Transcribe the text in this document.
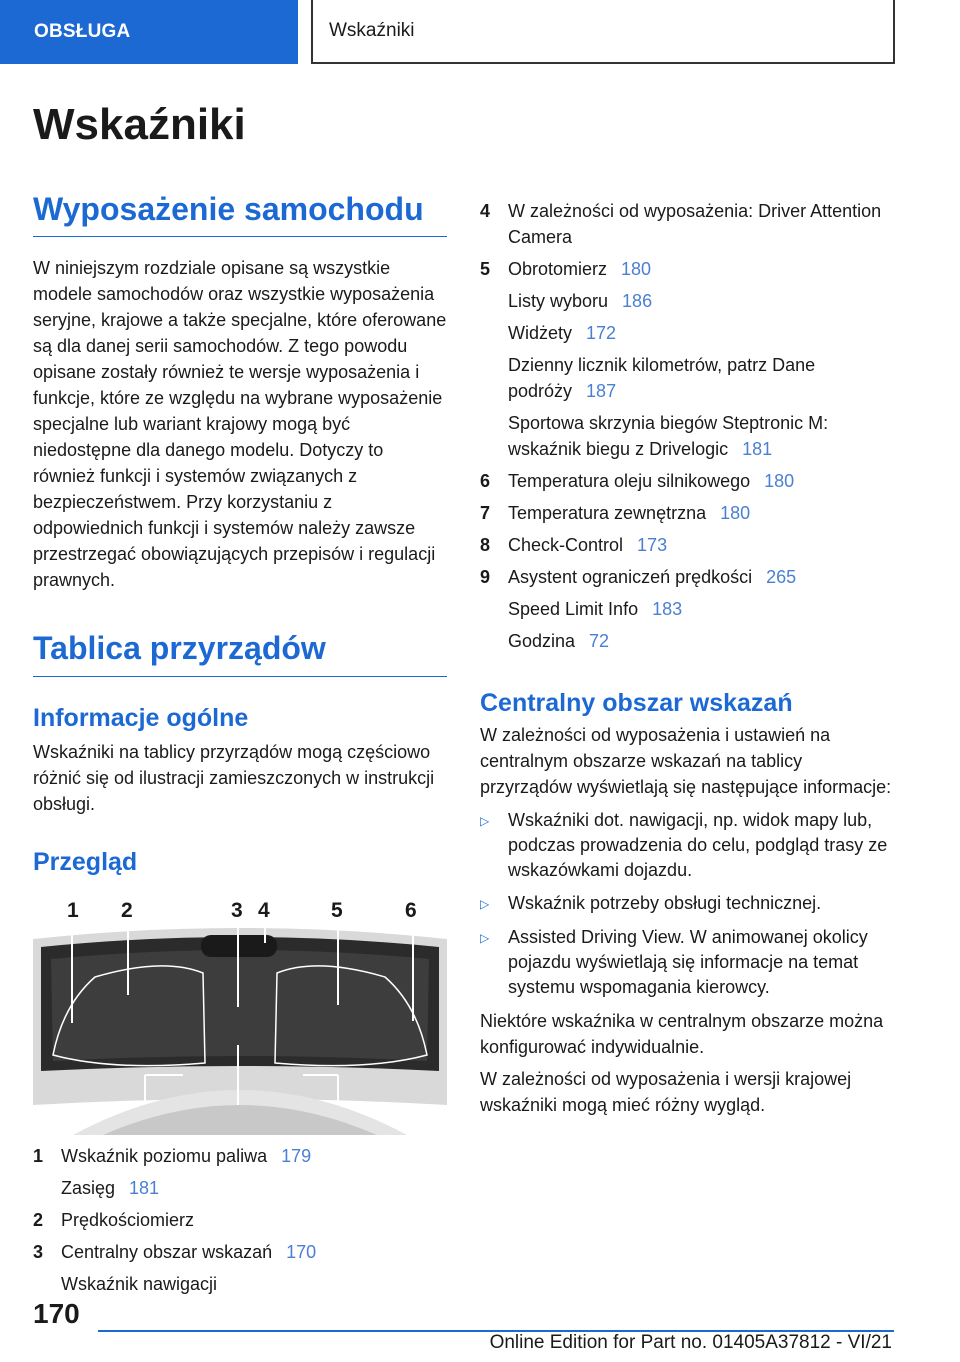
OBSŁUGA	Wskaźniki
Wskaźniki
Wyposażenie samochodu

W niniejszym rozdziale opisane są wszystkie modele samochodów oraz wszystkie wyposażenia seryjne, krajowe a także specjalne, które oferowane są dla danej serii samochodów. Z tego powodu opisane zostały również te wersje wyposażenia i funkcje, które ze względu na wybrane wyposażenie specjalne lub wariant krajowy mogą być niedostępne dla danego modelu. Dotyczy to również funkcji i systemów związanych z bezpieczeństwem. Przy korzystaniu z odpowiednich funkcji i systemów należy zawsze przestrzegać obowiązujących przepisów i regulacji prawnych.

Tablica przyrządów
Informacje ogólne

Wskaźniki na tablicy przyrządów mogą częściowo różnić się od ilustracji zamieszczonych w instrukcji obsługi.

Przegląd
1 2	3 4	5	6
1 Wskaźnik poziomu paliwa 179
Zasięg 181
2 Prędkościomierz
3 Centralny obszar wskazań 170
Wskaźnik nawigacji
4 W zależności od wyposażenia: Driver Attention Camera
5 Obrotomierz 180
Listy wyboru 186
Widżety 172
Dzienny licznik kilometrów, patrz Dane podróży 187
Sportowa skrzynia biegów Steptronic M: wskaźnik biegu z Drivelogic 181
6 Temperatura oleju silnikowego 180
7 Temperatura zewnętrzna 180
8 Check-Control 173
9 Asystent ograniczeń prędkości 265
Speed Limit Info 183
Godzina 72
Centralny obszar wskazań

W zależności od wyposażenia i ustawień na centralnym obszarze wskazań na tablicy przyrządów wyświetlają się następujące informacje:

▷	Wskaźniki dot. nawigacji, np. widok mapy lub, podczas prowadzenia do celu, podgląd trasy ze wskazówkami dojazdu.
▷	Wskaźnik potrzeby obsługi technicznej.
▷	Assisted Driving View. W animowanej okolicy pojazdu wyświetlają się informacje na temat systemu wspomagania kierowcy.

Niektóre wskaźnika w centralnym obszarze można konfigurować indywidualnie.

W zależności od wyposażenia i wersji krajowej wskaźniki mogą mieć różny wygląd.

170

Online Edition for Part no. 01405A37812 - VI/21
